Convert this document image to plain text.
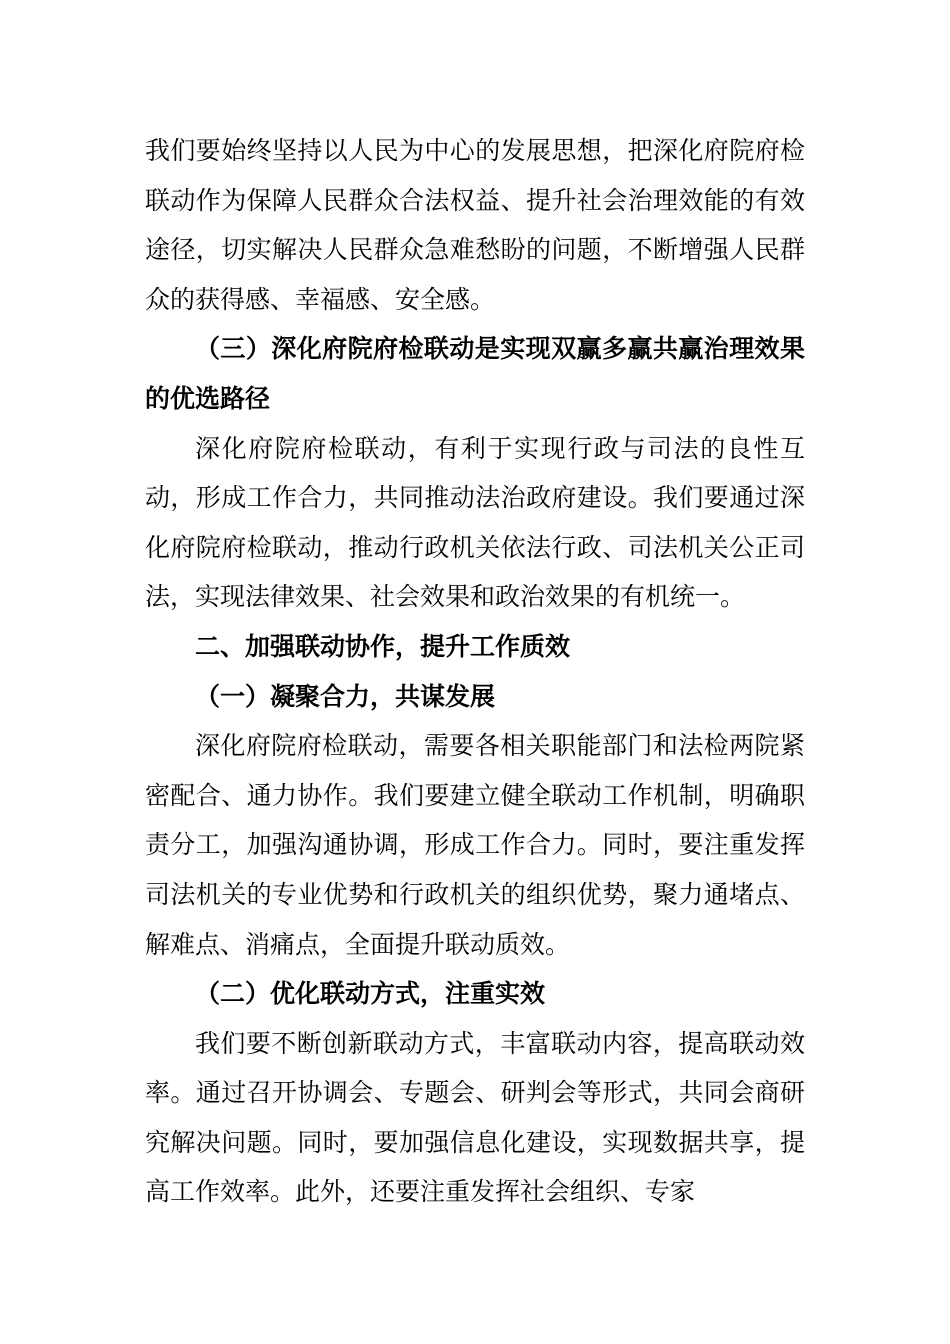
我们要始终坚持以人民为中心的发展思想，把深化府院府检联动作为保障人民群众合法权益、提升社会治理效能的有效途径，切实解决人民群众急难愁盼的问题，不断增强人民群众的获得感、幸福感、安全感。

（三）深化府院府检联动是实现双赢多赢共赢治理效果的优选路径

深化府院府检联动，有利于实现行政与司法的良性互动，形成工作合力，共同推动法治政府建设。我们要通过深化府院府检联动，推动行政机关依法行政、司法机关公正司法，实现法律效果、社会效果和政治效果的有机统一。

二、加强联动协作，提升工作质效

（一）凝聚合力，共谋发展

深化府院府检联动，需要各相关职能部门和法检两院紧密配合、通力协作。我们要建立健全联动工作机制，明确职责分工，加强沟通协调，形成工作合力。同时，要注重发挥司法机关的专业优势和行政机关的组织优势，聚力通堵点、解难点、消痛点，全面提升联动质效。

（二）优化联动方式，注重实效

我们要不断创新联动方式，丰富联动内容，提高联动效率。通过召开协调会、专题会、研判会等形式，共同会商研究解决问题。同时，要加强信息化建设，实现数据共享，提高工作效率。此外，还要注重发挥社会组织、专家
